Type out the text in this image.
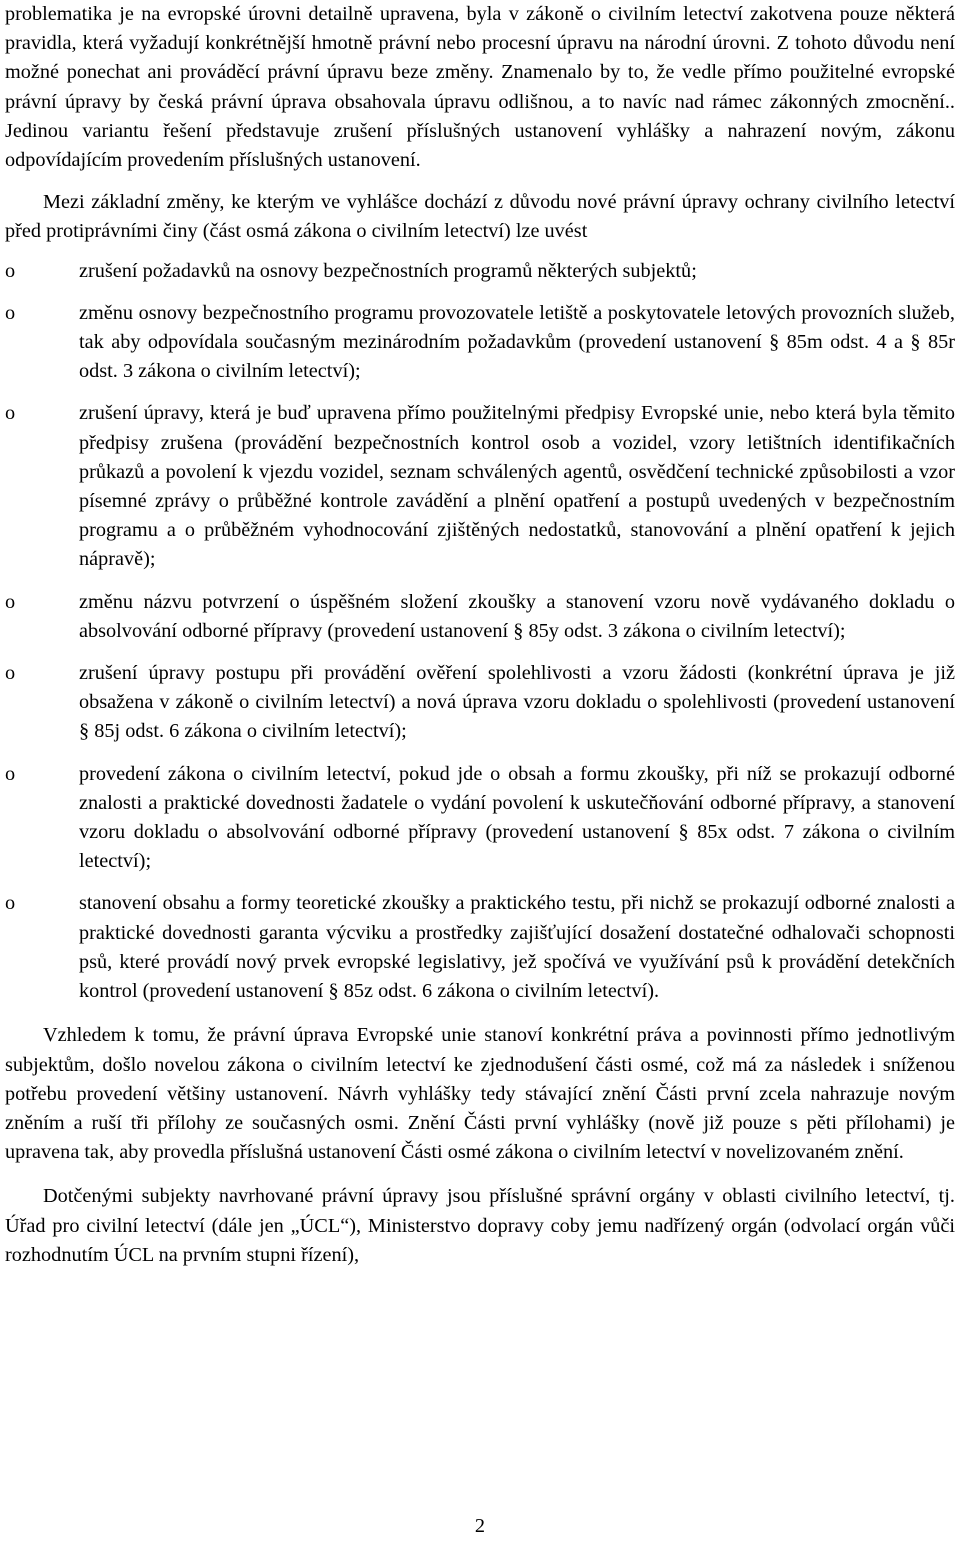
problematika je na evropské úrovni detailně upravena, byla v zákoně o civilním letectví zakotvena pouze některá pravidla, která vyžadují konkrétnější hmotně právní nebo procesní úpravu na národní úrovni. Z tohoto důvodu není možné ponechat ani prováděcí právní úpravu beze změny. Znamenalo by to, že vedle přímo použitelné evropské právní úpravy by česká právní úprava obsahovala úpravu odlišnou, a to navíc nad rámec zákonných zmocnění.. Jedinou variantu řešení představuje zrušení příslušných ustanovení vyhlášky a nahrazení novým, zákonu odpovídajícím provedením příslušných ustanovení.

Mezi základní změny, ke kterým ve vyhlášce dochází z důvodu nové právní úpravy ochrany civilního letectví před protiprávními činy (část osmá zákona o civilním letectví) lze uvést

o	zrušení požadavků na osnovy bezpečnostních programů některých subjektů;
o	změnu osnovy bezpečnostního programu provozovatele letiště a poskytovatele letových provozních služeb, tak aby odpovídala současným mezinárodním požadavkům (provedení ustanovení § 85m odst. 4 a § 85r odst. 3 zákona o civilním letectví);
o	zrušení úpravy, která je buď upravena přímo použitelnými předpisy Evropské unie, nebo která byla těmito předpisy zrušena (provádění bezpečnostních kontrol osob a vozidel, vzory letištních identifikačních průkazů a povolení k vjezdu vozidel, seznam schválených agentů, osvědčení technické způsobilosti a vzor písemné zprávy o průběžné kontrole zavádění a plnění opatření a postupů uvedených v bezpečnostním programu a o průběžném vyhodnocování zjištěných nedostatků, stanovování a plnění opatření k jejich nápravě);
o	změnu názvu potvrzení o úspěšném složení zkoušky a stanovení vzoru nově vydávaného dokladu o absolvování odborné přípravy (provedení ustanovení § 85y odst. 3 zákona o civilním letectví);
o	zrušení úpravy postupu při provádění ověření spolehlivosti a vzoru žádosti (konkrétní úprava je již obsažena v zákoně o civilním letectví) a nová úprava vzoru dokladu o spolehlivosti (provedení ustanovení § 85j odst. 6 zákona o civilním letectví);
o	provedení zákona o civilním letectví, pokud jde o obsah a formu zkoušky, při níž se prokazují odborné znalosti a praktické dovednosti žadatele o vydání povolení k uskutečňování odborné přípravy, a stanovení vzoru dokladu o absolvování odborné přípravy (provedení ustanovení § 85x odst. 7 zákona o civilním letectví);
o	stanovení obsahu a formy teoretické zkoušky a praktického testu, při nichž se prokazují odborné znalosti a praktické dovednosti garanta výcviku a prostředky zajišťující dosažení dostatečné odhalovači schopnosti psů, které provádí nový prvek evropské legislativy, jež spočívá ve využívání psů k provádění detekčních kontrol (provedení ustanovení § 85z odst. 6 zákona o civilním letectví).

Vzhledem k tomu, že právní úprava Evropské unie stanoví konkrétní práva a povinnosti přímo jednotlivým subjektům, došlo novelou zákona o civilním letectví ke zjednodušení části osmé, což má za následek i sníženou potřebu provedení většiny ustanovení. Návrh vyhlášky tedy stávající znění Části první zcela nahrazuje novým zněním a ruší tři přílohy ze současných osmi. Znění Části první vyhlášky (nově již pouze s pěti přílohami) je upravena tak, aby provedla příslušná ustanovení Části osmé zákona o civilním letectví v novelizovaném znění.

Dotčenými subjekty navrhované právní úpravy jsou příslušné správní orgány v oblasti civilního letectví, tj. Úřad pro civilní letectví (dále jen „ÚCL“), Ministerstvo dopravy coby jemu nadřízený orgán (odvolací orgán vůči rozhodnutím ÚCL na prvním stupni řízení),

2
